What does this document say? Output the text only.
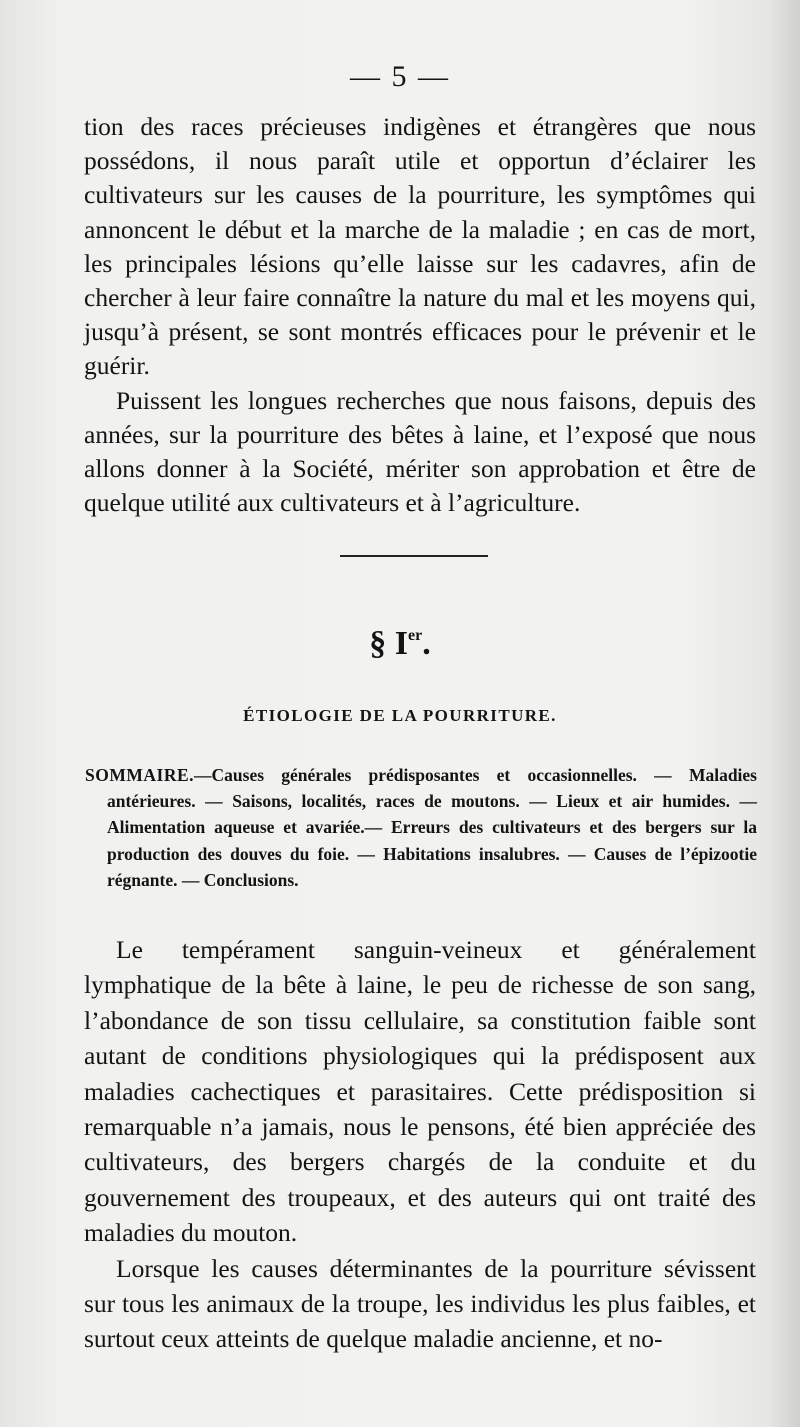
— 5 —

tion des races précieuses indigènes et étrangères que nous possédons, il nous paraît utile et opportun d’éclairer les cultivateurs sur les causes de la pourriture, les symptômes qui annoncent le début et la marche de la maladie ; en cas de mort, les principales lésions qu’elle laisse sur les cadavres, afin de chercher à leur faire connaître la nature du mal et les moyens qui, jusqu’à présent, se sont montrés efficaces pour le prévenir et le guérir.

Puissent les longues recherches que nous faisons, depuis des années, sur la pourriture des bêtes à laine, et l’exposé que nous allons donner à la Société, mériter son approbation et être de quelque utilité aux cultivateurs et à l’agriculture.

§ Ier.
ÉTIOLOGIE DE LA POURRITURE.
SOMMAIRE.—Causes générales prédisposantes et occasionnelles. — Maladies antérieures. — Saisons, localités, races de moutons. — Lieux et air humides. — Alimentation aqueuse et avariée.— Erreurs des cultivateurs et des bergers sur la production des douves du foie. — Habitations insalubres. — Causes de l’épizootie régnante. — Conclusions.

Le tempérament sanguin-veineux et généralement lymphatique de la bête à laine, le peu de richesse de son sang, l’abondance de son tissu cellulaire, sa constitution faible sont autant de conditions physiologiques qui la prédisposent aux maladies cachectiques et parasitaires. Cette prédisposition si remarquable n’a jamais, nous le pensons, été bien appréciée des cultivateurs, des bergers chargés de la conduite et du gouvernement des troupeaux, et des auteurs qui ont traité des maladies du mouton.

Lorsque les causes déterminantes de la pourriture sévissent sur tous les animaux de la troupe, les individus les plus faibles, et surtout ceux atteints de quelque maladie ancienne, et no-
